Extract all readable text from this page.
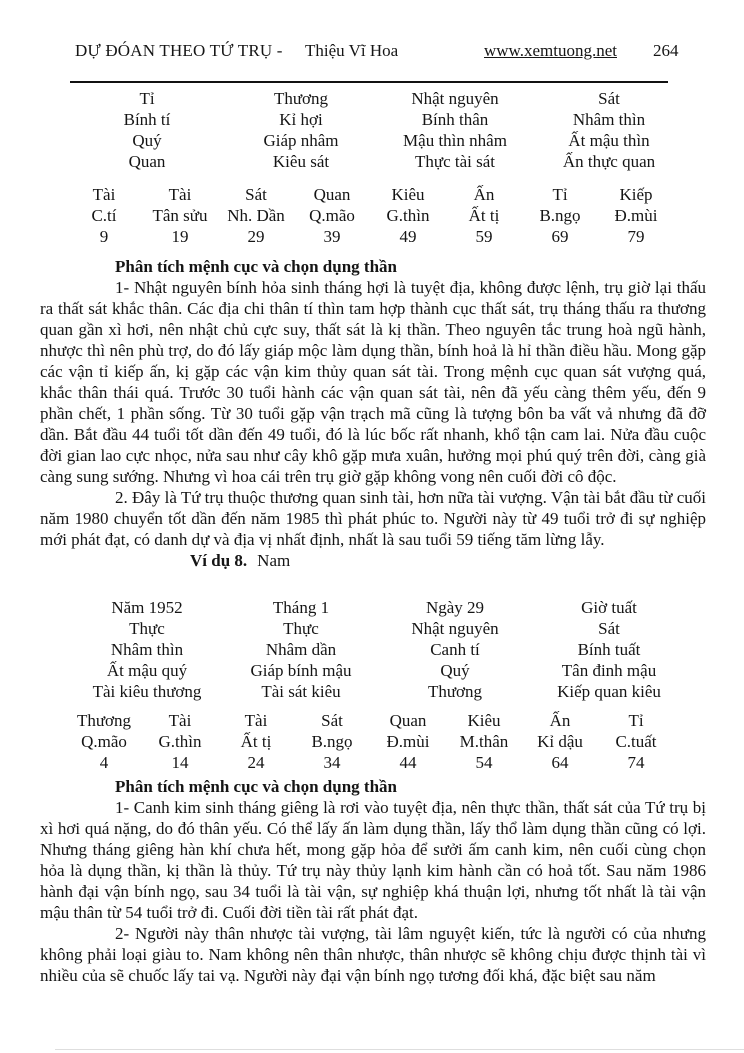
DỰ ĐÓAN THEO TỨ TRỤ - Thiệu Vĩ Hoa	www.xemtuong.net 264
Tỉ	Thương	Nhật nguyên	Sát
Bính tí	Kỉ hợi	Bính thân	Nhâm thìn
Quý	Giáp nhâm	Mậu thìn nhâm	Ất mậu thìn
Quan	Kiêu sát	Thực tài sát	Ấn thực quan
Tài	Tài	Sát	Quan	Kiêu	Ấn	Tỉ	Kiếp
C.tí	Tân sửu	Nh. Dần	Q.mão	G.thìn	Ất tị	B.ngọ	Đ.mùi
9	19	29	39	49	59	69	79
Phân tích mệnh cục và chọn dụng thần

1- Nhật nguyên bính hỏa sinh tháng hợi là tuyệt địa, không được lệnh, trụ giờ lại thấu ra thất sát khắc thân. Các địa chi thân tí thìn tam hợp thành cục thất sát, trụ tháng thấu ra thương quan gần xì hơi, nên nhật chủ cực suy, thất sát là kị thần. Theo nguyên tắc trung hoà ngũ hành, nhược thì nên phù trợ, do đó lấy giáp mộc làm dụng thần, bính hoả là hỉ thần điều hầu. Mong gặp các vận tỉ kiếp ấn, kị gặp các vận kim thủy quan sát tài. Trong mệnh cục quan sát vượng quá, khắc thân thái quá. Trước 30 tuổi hành các vận quan sát tài, nên đã yếu càng thêm yếu, đến 9 phần chết, 1 phần sống. Từ 30 tuổi gặp vận trạch mã cũng là tượng bôn ba vất vả nhưng đã đỡ dần. Bắt đầu 44 tuổi tốt dần đến 49 tuổi, đó là lúc bốc rất nhanh, khổ tận cam lai. Nửa đầu cuộc đời gian lao cực nhọc, nửa sau như cây khô gặp mưa xuân, hưởng mọi phú quý trên đời, càng già càng sung sướng. Nhưng vì hoa cái trên trụ giờ gặp không vong nên cuối đời cô độc.

2. Đây là Tứ trụ thuộc thương quan sinh tài, hơn nữa tài vượng. Vận tài bắt đầu từ cuối năm 1980 chuyển tốt dần đến năm 1985 thì phát phúc to. Người này từ 49 tuổi trở đi sự nghiệp mới phát đạt, có danh dự và địa vị nhất định, nhất là sau tuổi 59 tiếng tăm lừng lẫy.

Ví dụ 8. Nam

Năm 1952	Tháng 1	Ngày 29	Giờ tuất
Thực	Thực	Nhật nguyên	Sát
Nhâm thìn	Nhâm dần	Canh tí	Bính tuất
Ất mậu quý	Giáp bính mậu	Quý	Tân đinh mậu
Tài kiêu thương	Tài sát kiêu	Thương	Kiếp quan kiêu
Thương	Tài	Tài	Sát	Quan	Kiêu	Ấn	Tỉ
Q.mão	G.thìn	Ất tị	B.ngọ	Đ.mùi	M.thân	Kỉ dậu	C.tuất
4	14	24	34	44	54	64	74
Phân tích mệnh cục và chọn dụng thần

1- Canh kim sinh tháng giêng là rơi vào tuyệt địa, nên thực thần, thất sát của Tứ trụ bị xì hơi quá nặng, do đó thân yếu. Có thể lấy ấn làm dụng thần, lấy thổ làm dụng thần cũng có lợi. Nhưng tháng giêng hàn khí chưa hết, mong gặp hỏa để sưởi ấm canh kim, nên cuối cùng chọn hỏa là dụng thần, kị thần là thủy. Tứ trụ này thủy lạnh kim hành cần có hoả tốt. Sau năm 1986 hành đại vận bính ngọ, sau 34 tuổi là tài vận, sự nghiệp khá thuận lợi, nhưng tốt nhất là tài vận mậu thân từ 54 tuổi trở đi. Cuối đời tiền tài rất phát đạt.

2- Người này thân nhược tài vượng, tài lâm nguyệt kiến, tức là người có của nhưng không phải loại giàu to. Nam không nên thân nhược, thân nhược sẽ không chịu được thịnh tài vì nhiều của sẽ chuốc lấy tai vạ. Người này đại vận bính ngọ tương đối khá, đặc biệt sau năm
